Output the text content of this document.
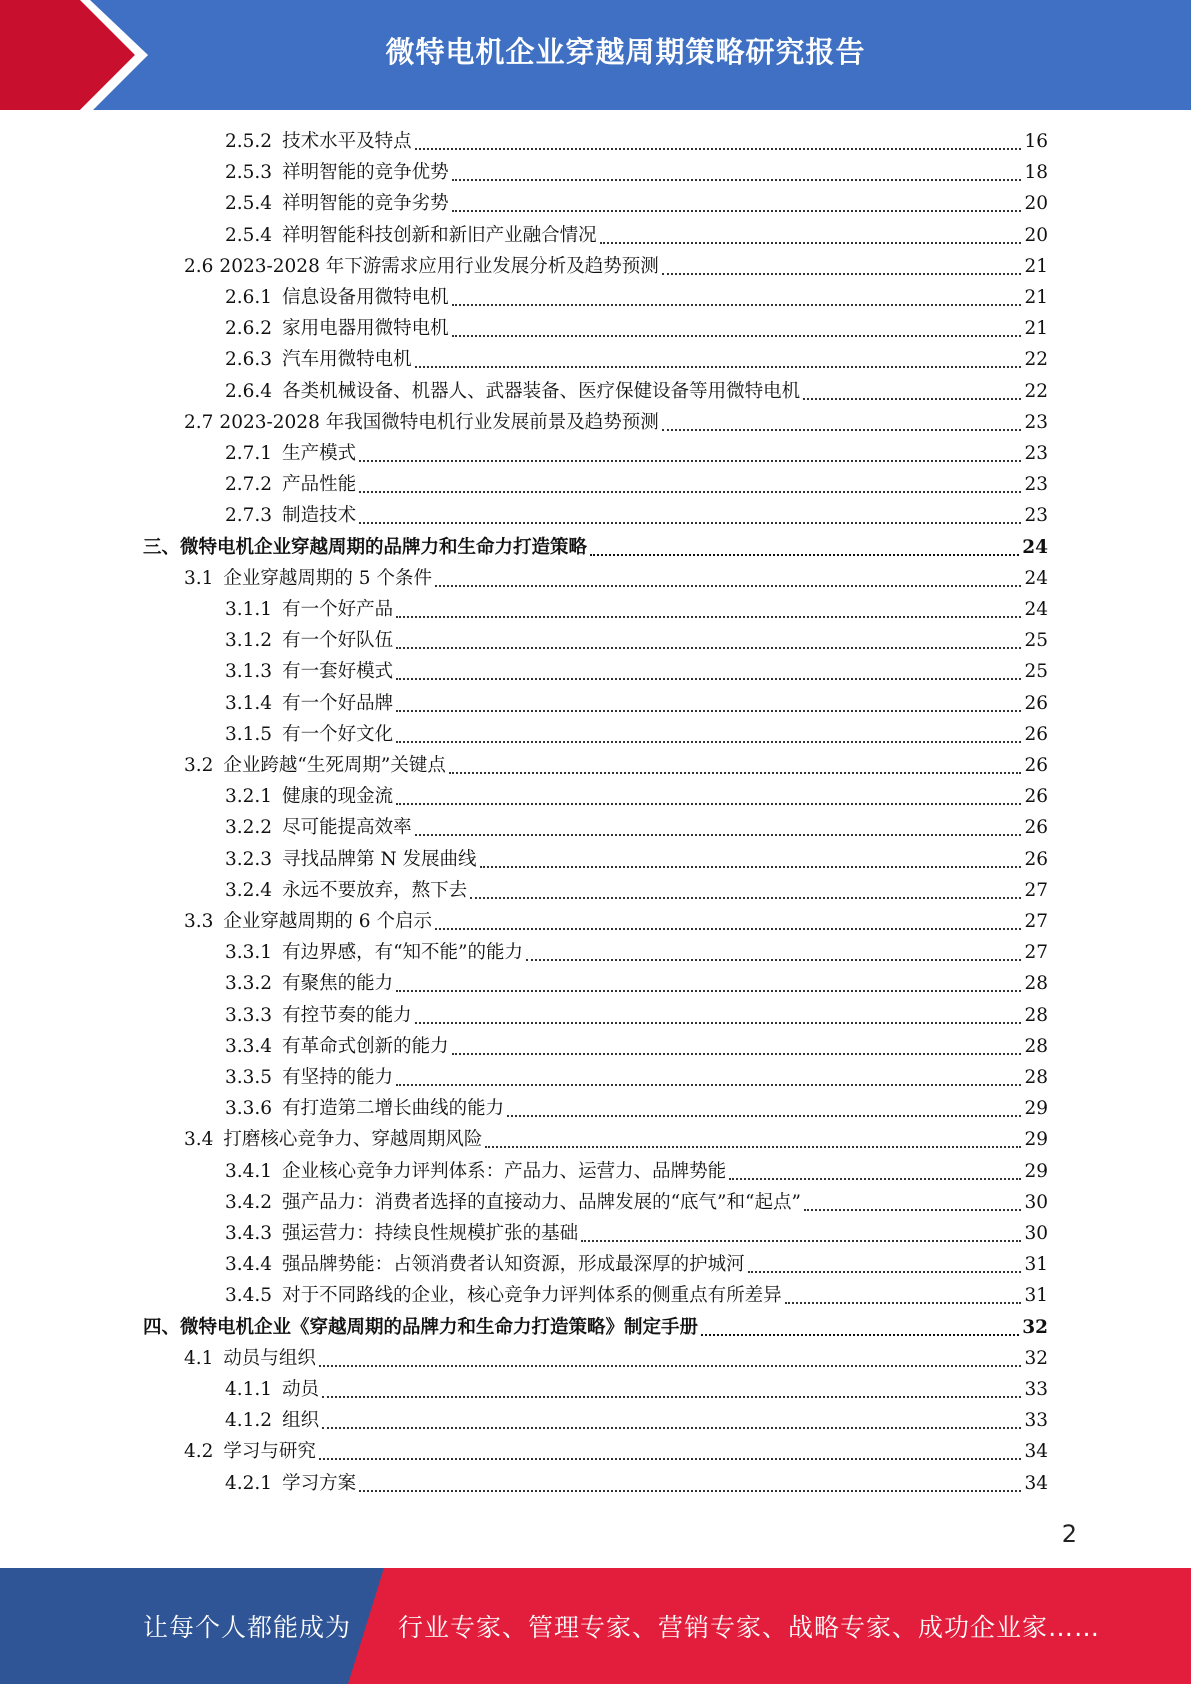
微特电机企业穿越周期策略研究报告
2.5.2 技术水平及特点	16
2.5.3 祥明智能的竞争优势	18
2.5.4 祥明智能的竞争劣势	20
2.5.4 祥明智能科技创新和新旧产业融合情况	20
2.6 2023-2028 年下游需求应用行业发展分析及趋势预测	21
2.6.1 信息设备用微特电机	21
2.6.2 家用电器用微特电机	21
2.6.3 汽车用微特电机	22
2.6.4 各类机械设备、机器人、武器装备、医疗保健设备等用微特电机	22
2.7 2023-2028 年我国微特电机行业发展前景及趋势预测	23
2.7.1 生产模式	23
2.7.2 产品性能	23
2.7.3 制造技术	23
三、 微特电机企业穿越周期的品牌力和生命力打造策略	24
3.1 企业穿越周期的 5 个条件	24
3.1.1 有一个好产品	24
3.1.2 有一个好队伍	25
3.1.3 有一套好模式	25
3.1.4 有一个好品牌	26
3.1.5 有一个好文化	26
3.2 企业跨越“生死周期”关键点	26
3.2.1 健康的现金流	26
3.2.2 尽可能提高效率	26
3.2.3 寻找品牌第 N 发展曲线	26
3.2.4 永远不要放弃，熬下去	27
3.3 企业穿越周期的 6 个启示	27
3.3.1 有边界感，有“知不能”的能力	27
3.3.2 有聚焦的能力	28
3.3.3 有控节奏的能力	28
3.3.4 有革命式创新的能力	28
3.3.5 有坚持的能力	28
3.3.6 有打造第二增长曲线的能力	29
3.4 打磨核心竞争力、穿越周期风险	29
3.4.1 企业核心竞争力评判体系：产品力、运营力、品牌势能	29
3.4.2 强产品力：消费者选择的直接动力、品牌发展的“底气”和“起点”	30
3.4.3 强运营力：持续良性规模扩张的基础	30
3.4.4 强品牌势能：占领消费者认知资源，形成最深厚的护城河	31
3.4.5 对于不同路线的企业，核心竞争力评判体系的侧重点有所差异	31
四、 微特电机企业《穿越周期的品牌力和生命力打造策略》制定手册	32
4.1 动员与组织	32
4.1.1 动员	33
4.1.2 组织	33
4.2 学习与研究	34
4.2.1 学习方案	34
2
让每个人都能成为 行业专家、管理专家、营销专家、战略专家、成功企业家……
